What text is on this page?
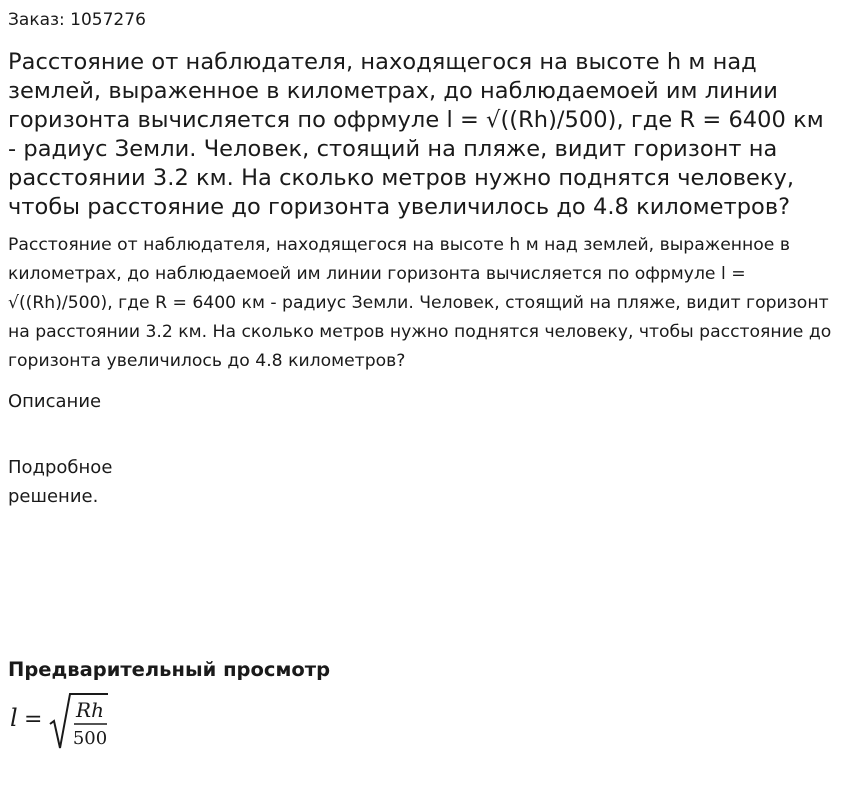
Заказ: 1057276

Расстояние от наблюдателя, находящегося на высоте h м над землей, выраженное в километрах, до наблюдаемоей им линии горизонта вычисляется по офрмуле l = √((Rh)/500), где R = 6400 км - радиус Земли. Человек, стоящий на пляже, видит горизонт на расстоянии 3.2 км. На сколько метров нужно поднятся человеку, чтобы расстояние до горизонта увеличилось до 4.8 километров?

Расстояние от наблюдателя, находящегося на высоте h м над землей, выраженное в километрах, до наблюдаемоей им линии горизонта вычисляется по офрмуле l = √((Rh)/500), где R = 6400 км - радиус Земли. Человек, стоящий на пляже, видит горизонт на расстоянии 3.2 км. На сколько метров нужно поднятся человеку, чтобы расстояние до горизонта увеличилось до 4.8 километров?

Описание

Подробное решение.

Предварительный просмотр
l = Rh
500
